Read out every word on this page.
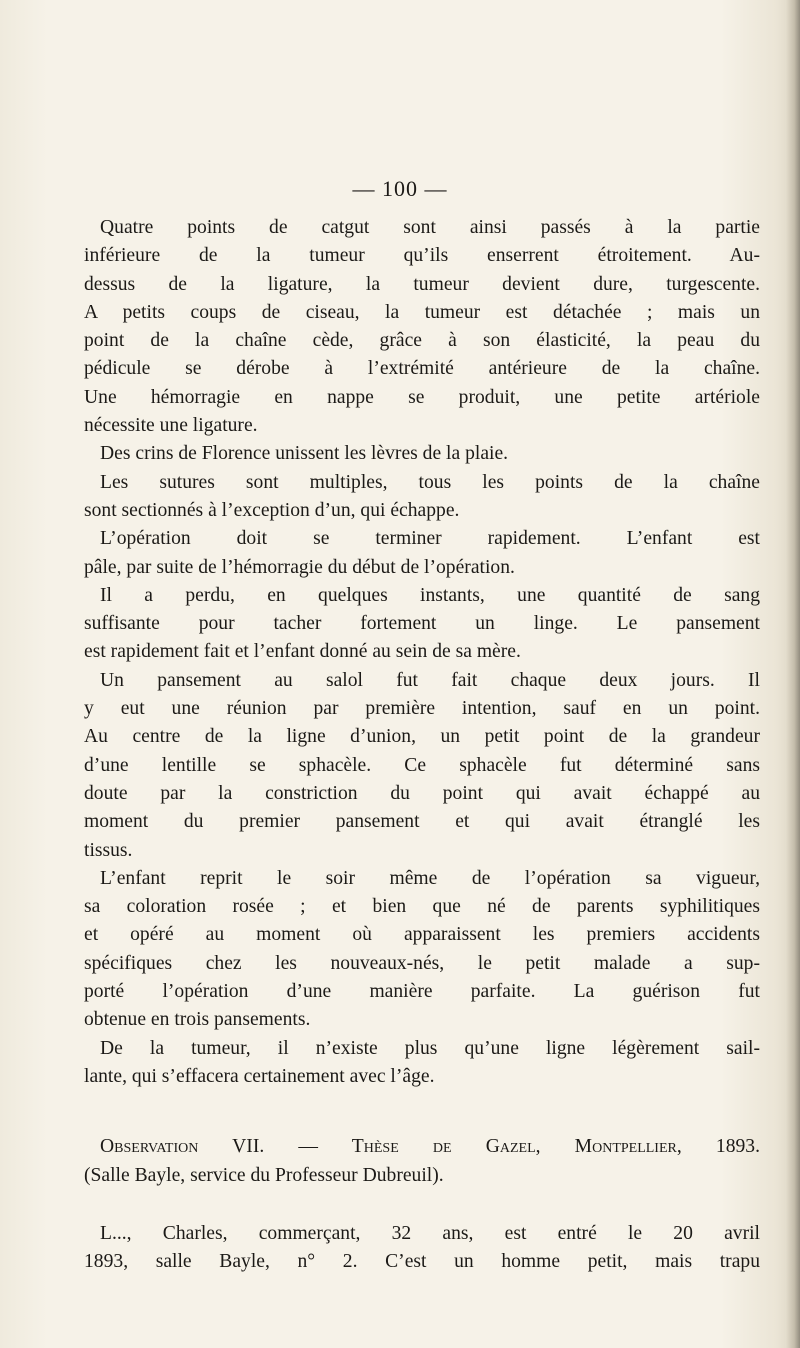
— 100 —
Quatre points de catgut sont ainsi passés à la partie
inférieure de la tumeur qu’ils enserrent étroitement. Au-
dessus de la ligature, la tumeur devient dure, turgescente.
A petits coups de ciseau, la tumeur est détachée ; mais un
point de la chaîne cède, grâce à son élasticité, la peau du
pédicule se dérobe à l’extrémité antérieure de la chaîne.
Une hémorragie en nappe se produit, une petite artériole
nécessite une ligature.
Des crins de Florence unissent les lèvres de la plaie.
Les sutures sont multiples, tous les points de la chaîne
sont sectionnés à l’exception d’un, qui échappe.
L’opération doit se terminer rapidement. L’enfant est
pâle, par suite de l’hémorragie du début de l’opération.
Il a perdu, en quelques instants, une quantité de sang
suffisante pour tacher fortement un linge. Le pansement
est rapidement fait et l’enfant donné au sein de sa mère.
Un pansement au salol fut fait chaque deux jours. Il
y eut une réunion par première intention, sauf en un point.
Au centre de la ligne d’union, un petit point de la grandeur
d’une lentille se sphacèle. Ce sphacèle fut déterminé sans
doute par la constriction du point qui avait échappé au
moment du premier pansement et qui avait étranglé les
tissus.
L’enfant reprit le soir même de l’opération sa vigueur,
sa coloration rosée ; et bien que né de parents syphilitiques
et opéré au moment où apparaissent les premiers accidents
spécifiques chez les nouveaux-nés, le petit malade a sup-
porté l’opération d’une manière parfaite. La guérison fut
obtenue en trois pansements.
De la tumeur, il n’existe plus qu’une ligne légèrement sail-
lante, qui s’effacera certainement avec l’âge.
Observation VII. — Thèse de Gazel, Montpellier, 1893.
(Salle Bayle, service du Professeur Dubreuil).
L..., Charles, commerçant, 32 ans, est entré le 20 avril
1893, salle Bayle, n° 2. C’est un homme petit, mais trapu
